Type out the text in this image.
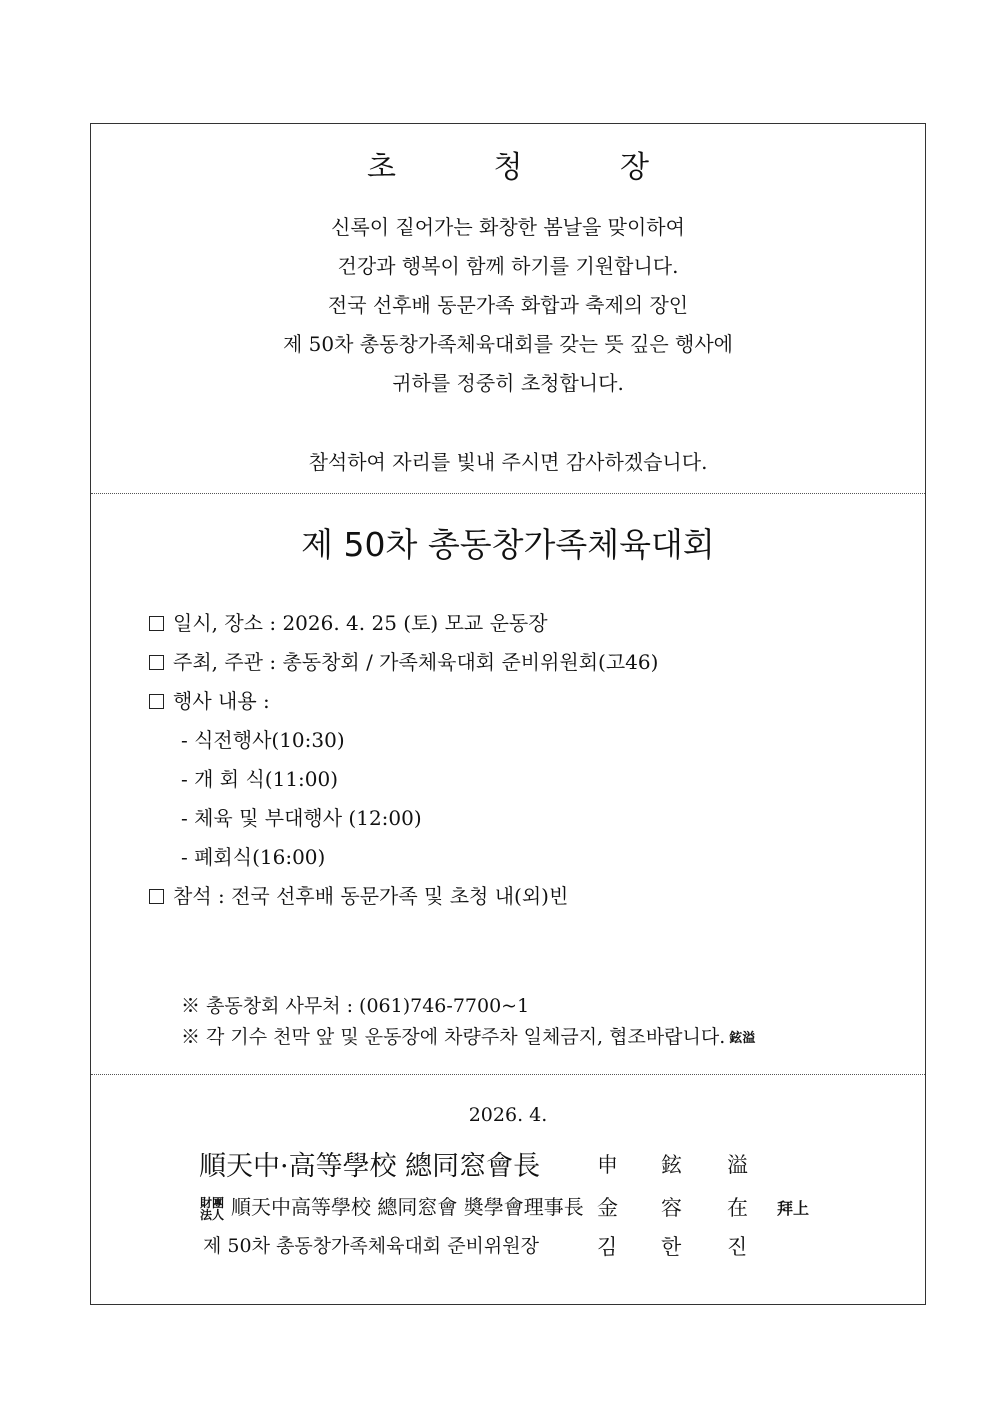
초 청 장
신록이 짙어가는 화창한 봄날을 맞이하여
건강과 행복이 함께 하기를 기원합니다.
전국 선후배 동문가족 화합과 축제의 장인
제 50차 총동창가족체육대회를 갖는 뜻 깊은 행사에
귀하를 정중히 초청합니다.
참석하여 자리를 빛내 주시면 감사하겠습니다.
제 50차 총동창가족체육대회
일시, 장소 : 2026. 4. 25 (토) 모교 운동장
주최, 주관 : 총동창회 / 가족체육대회 준비위원회(고46)
행사 내용 :
- 식전행사(10:30)
- 개 회 식(11:00)
- 체육 및 부대행사 (12:00)
- 폐회식(16:00)
참석 : 전국 선후배 동문가족 및 초청 내(외)빈
※ 총동창회 사무처 : (061)746-7700~1
※ 각 기수 천막 앞 및 운동장에 차량주차 일체금지, 협조바랍니다. 鉉溢
2026. 4.
順天中·高等學校 總同窓會長	申 鉉 溢
財團
法人 順天中高等學校 總同窓會 奬學會理事長 金 容 在 拜上
제 50차 총동창가족체육대회 준비위원장	김 한 진
